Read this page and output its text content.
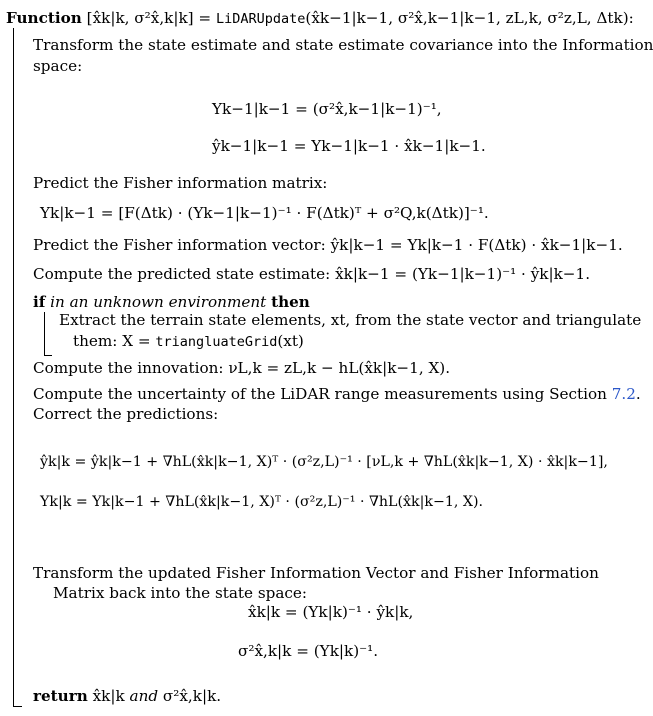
Function [x̂k|k, σ²x̂,k|k] = LiDARUpdate(x̂k−1|k−1, σ²x̂,k−1|k−1, zL,k, σ²z,L, Δtk):
Transform the state estimate and state estimate covariance into the Information
space:
Yk−1|k−1 = (σ²x̂,k−1|k−1)⁻¹,
ŷk−1|k−1 = Yk−1|k−1 · x̂k−1|k−1.
Predict the Fisher information matrix:
Yk|k−1 = [F(Δtk) · (Yk−1|k−1)⁻¹ · F(Δtk)ᵀ + σ²Q,k(Δtk)]⁻¹.
Predict the Fisher information vector: ŷk|k−1 = Yk|k−1 · F(Δtk) · x̂k−1|k−1.
Compute the predicted state estimate: x̂k|k−1 = (Yk−1|k−1)⁻¹ · ŷk|k−1.
if in an unknown environment then
Extract the terrain state elements, xt, from the state vector and triangulate
them: X = triangluateGrid(xt)
Compute the innovation: νL,k = zL,k − hL(x̂k|k−1, X).
Compute the uncertainty of the LiDAR range measurements using Section 7.2.
Correct the predictions:
ŷk|k = ŷk|k−1 + ∇hL(x̂k|k−1, X)ᵀ · (σ²z,L)⁻¹ · [νL,k + ∇hL(x̂k|k−1, X) · x̂k|k−1],
Yk|k = Yk|k−1 + ∇hL(x̂k|k−1, X)ᵀ · (σ²z,L)⁻¹ · ∇hL(x̂k|k−1, X).
Transform the updated Fisher Information Vector and Fisher Information
Matrix back into the state space:
x̂k|k = (Yk|k)⁻¹ · ŷk|k,
σ²x̂,k|k = (Yk|k)⁻¹.
return x̂k|k and σ²x̂,k|k.
